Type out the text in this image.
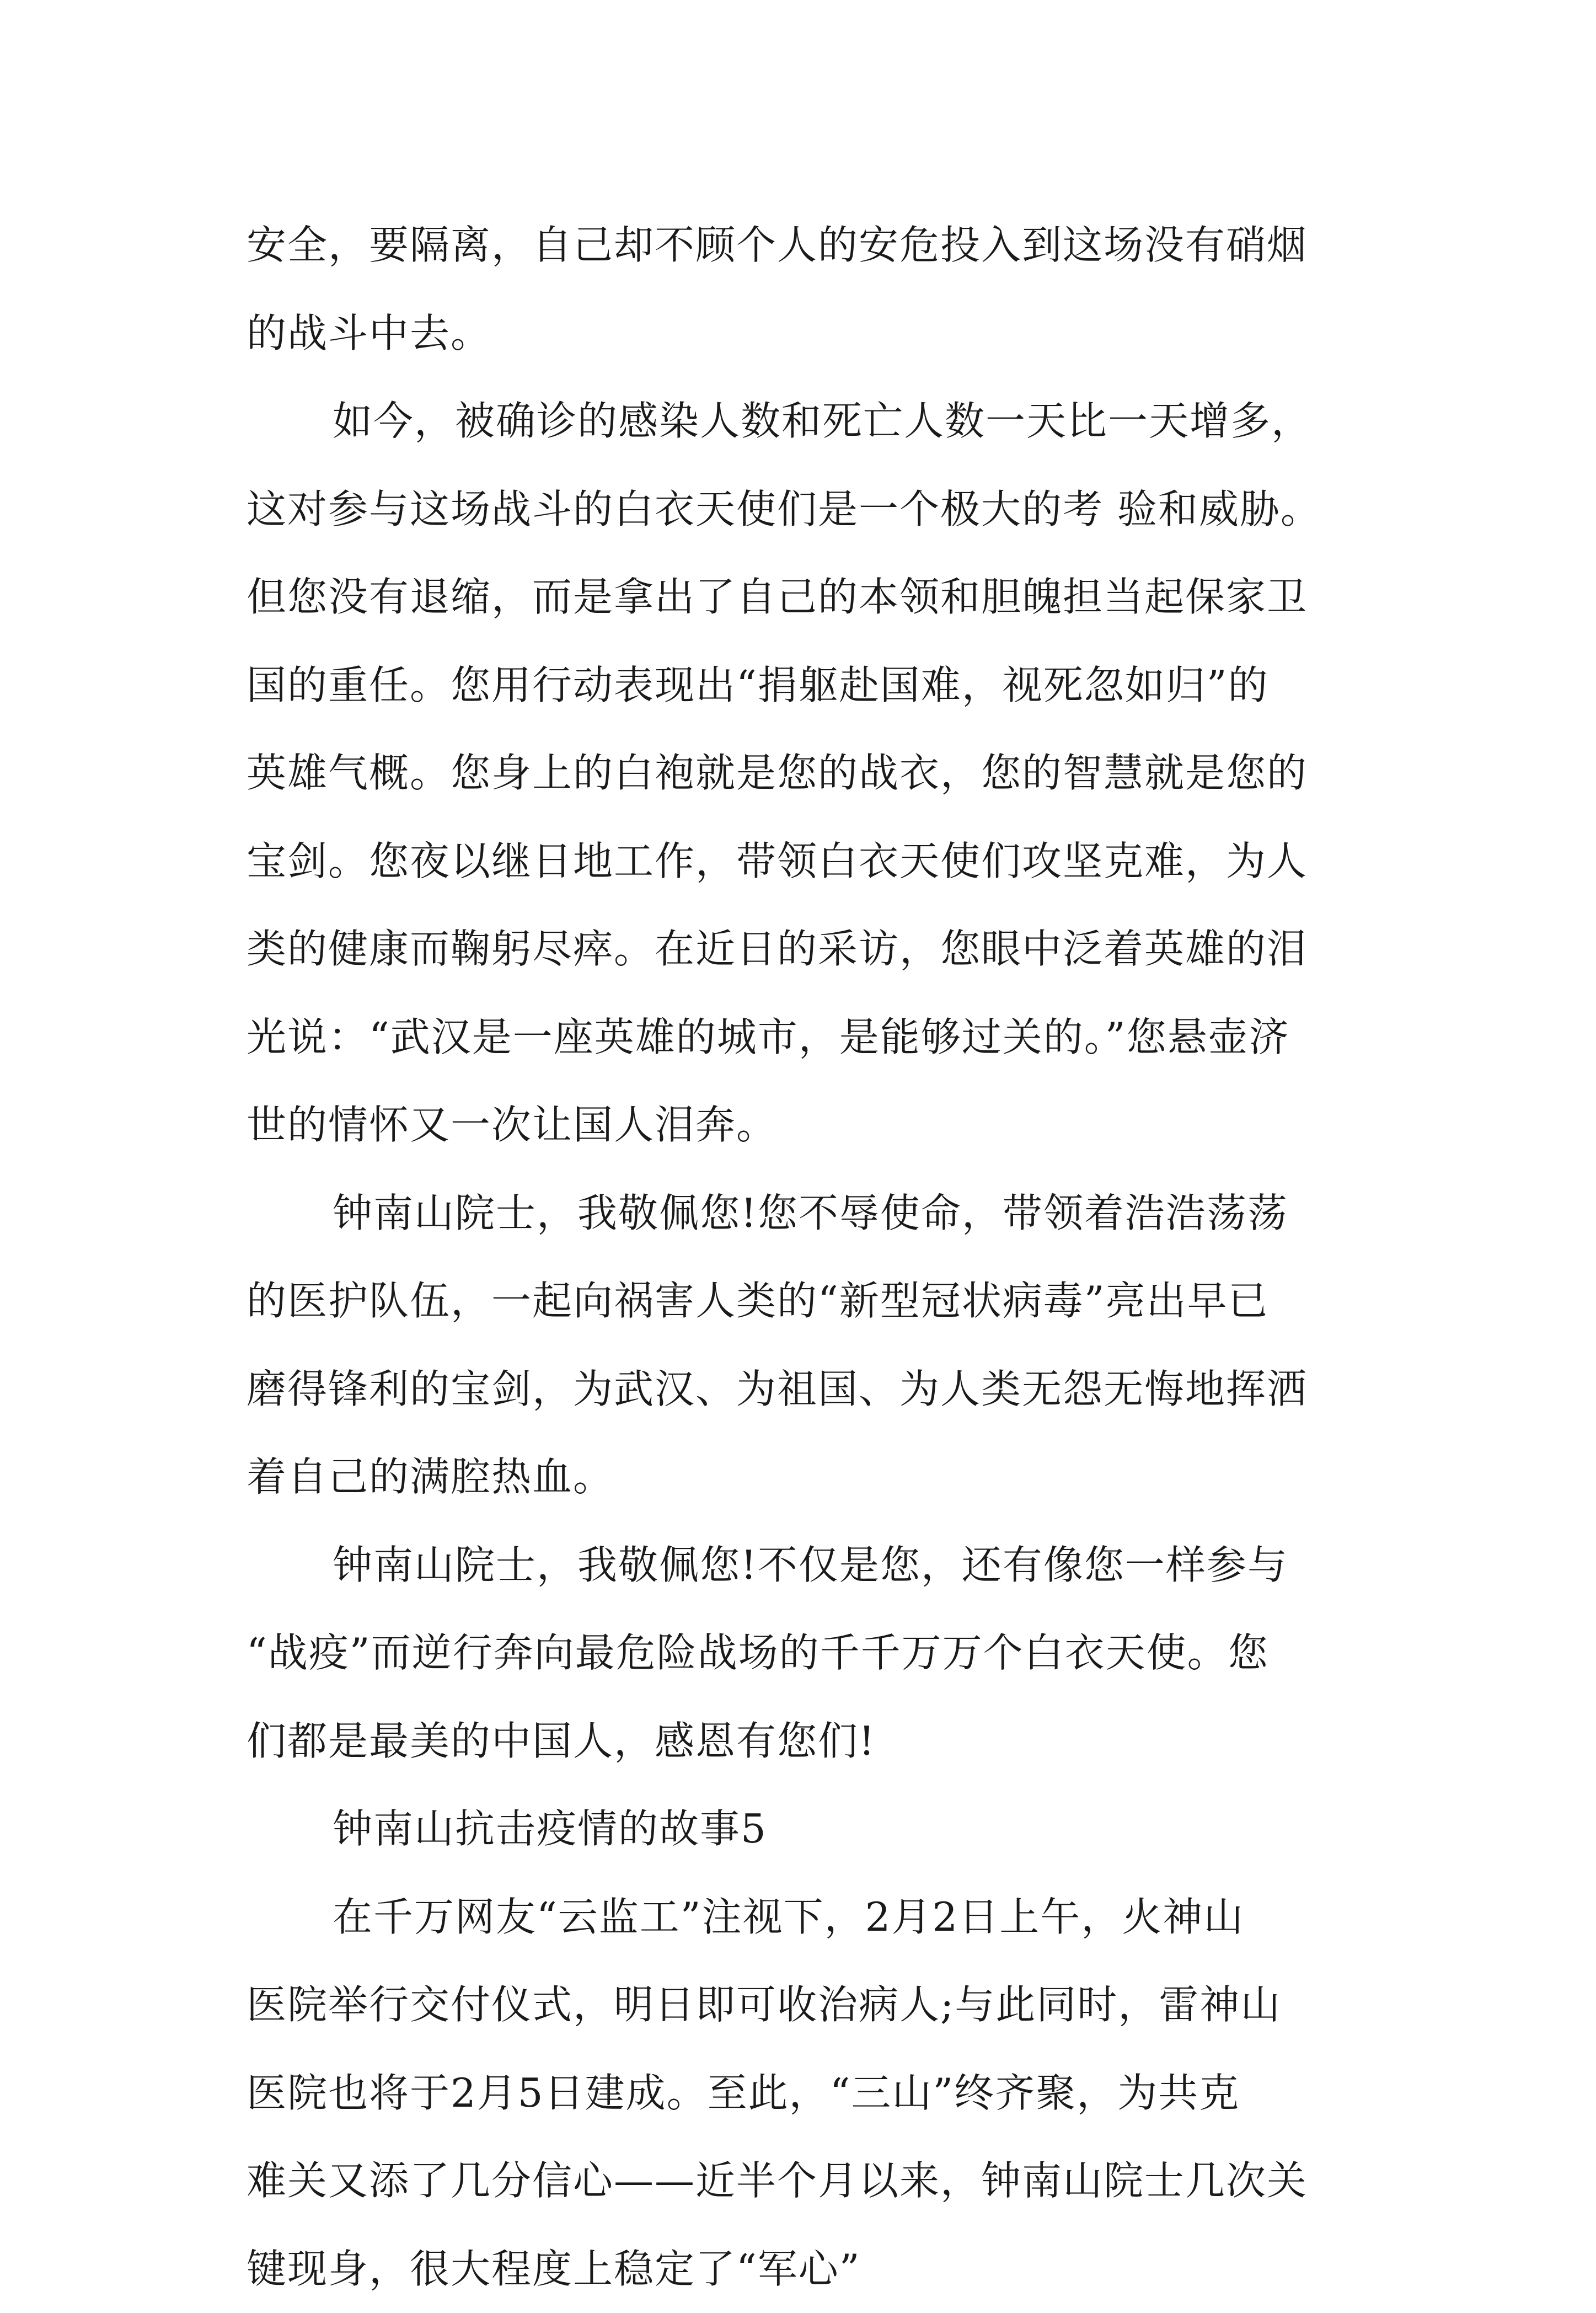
安全，要隔离，自己却不顾个人的安危投入到这场没有硝烟
的战斗中去。
如今，被确诊的感染人数和死亡人数一天比一天增多，
这对参与这场战斗的白衣天使们是一个极大的考 验和威胁。
但您没有退缩，而是拿出了自己的本领和胆魄担当起保家卫
国的重任。您用行动表现出“捐躯赴国难，视死忽如归”的
英雄气概。您身上的白袍就是您的战衣，您的智慧就是您的
宝剑。您夜以继日地工作，带领白衣天使们攻坚克难，为人
类的健康而鞠躬尽瘁。在近日的采访，您眼中泛着英雄的泪
光说：“武汉是一座英雄的城市，是能够过关的。”您悬壶济
世的情怀又一次让国人泪奔。
钟南山院士，我敬佩您!您不辱使命，带领着浩浩荡荡
的医护队伍，一起向祸害人类的“新型冠状病毒”亮出早已
磨得锋利的宝剑，为武汉、为祖国、为人类无怨无悔地挥洒
着自己的满腔热血。
钟南山院士，我敬佩您!不仅是您，还有像您一样参与
“战疫”而逆行奔向最危险战场的千千万万个白衣天使。您
们都是最美的中国人，感恩有您们!
钟南山抗击疫情的故事5
在千万网友“云监工”注视下，2月2日上午，火神山
医院举行交付仪式，明日即可收治病人;与此同时，雷神山
医院也将于2月5日建成。至此，“三山”终齐聚，为共克
难关又添了几分信心——近半个月以来，钟南山院士几次关
键现身，很大程度上稳定了“军心”
